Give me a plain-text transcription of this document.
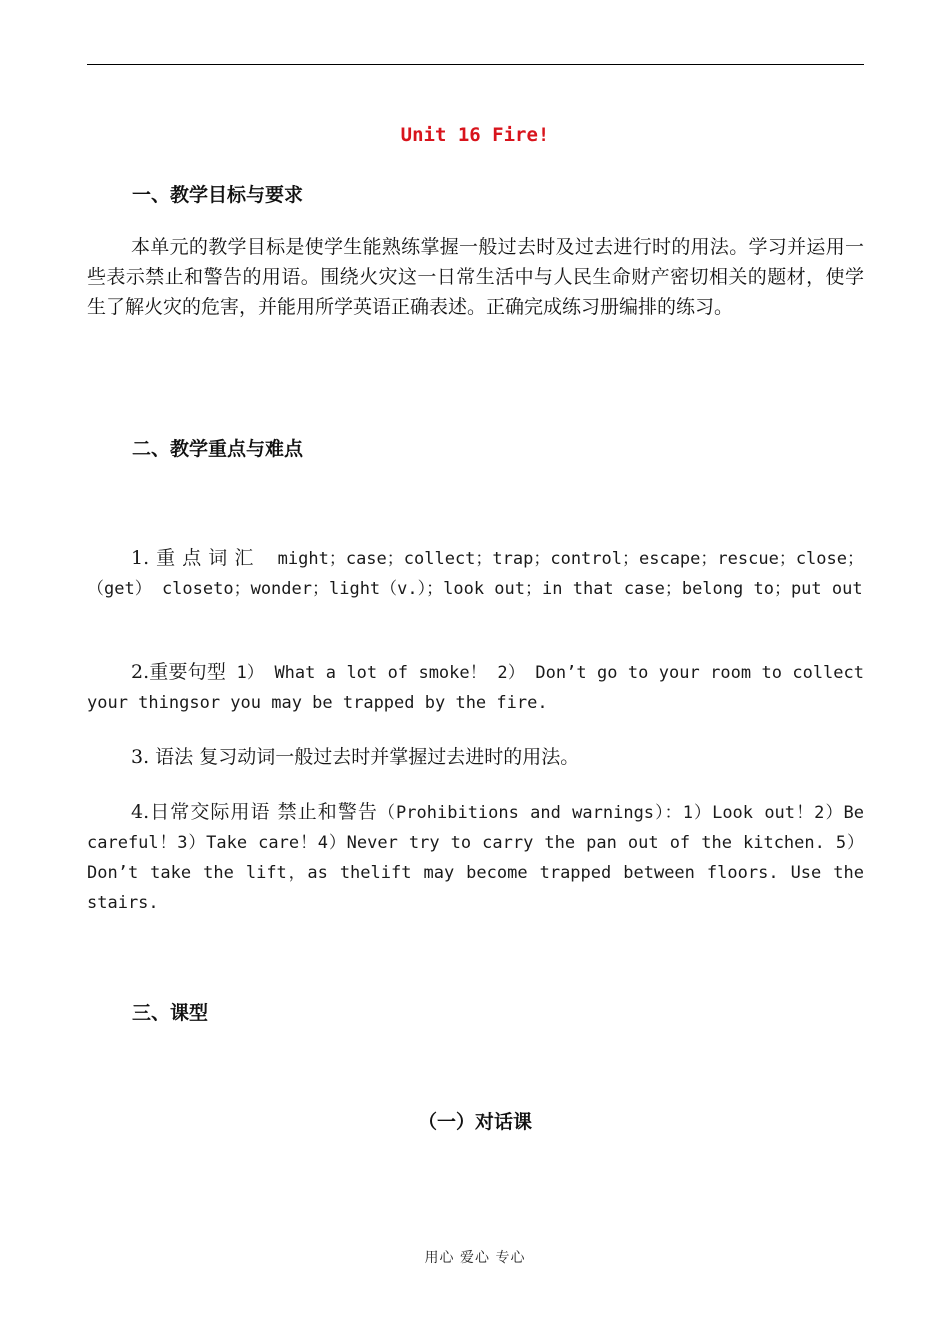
Unit 16 Fire!
一、教学目标与要求
本单元的教学目标是使学生能熟练掌握一般过去时及过去进行时的用法。学习并运用一些表示禁止和警告的用语。围绕火灾这一日常生活中与人民生命财产密切相关的题材，使学生了解火灾的危害，并能用所学英语正确表述。正确完成练习册编排的练习。
二、教学重点与难点
1.重点词汇 might；case；collect；trap；control；escape；rescue；close；（get） closeto；wonder；light（v.）；look out；in that case；belong to；put out
2.重要句型 1） What a lot of smoke！ 2） Don’t go to your room to collect your thingsor you may be trapped by the fire.
3. 语法 复习动词一般过去时并掌握过去进时的用法。
4.日常交际用语 禁止和警告（Prohibitions and warnings）：1）Look out！2）Be careful！3）Take care！4）Never try to carry the pan out of the kitchen. 5）Don’t take the lift，as thelift may become trapped between floors. Use the stairs.
三、课型
（一）对话课
用心 爱心 专心
